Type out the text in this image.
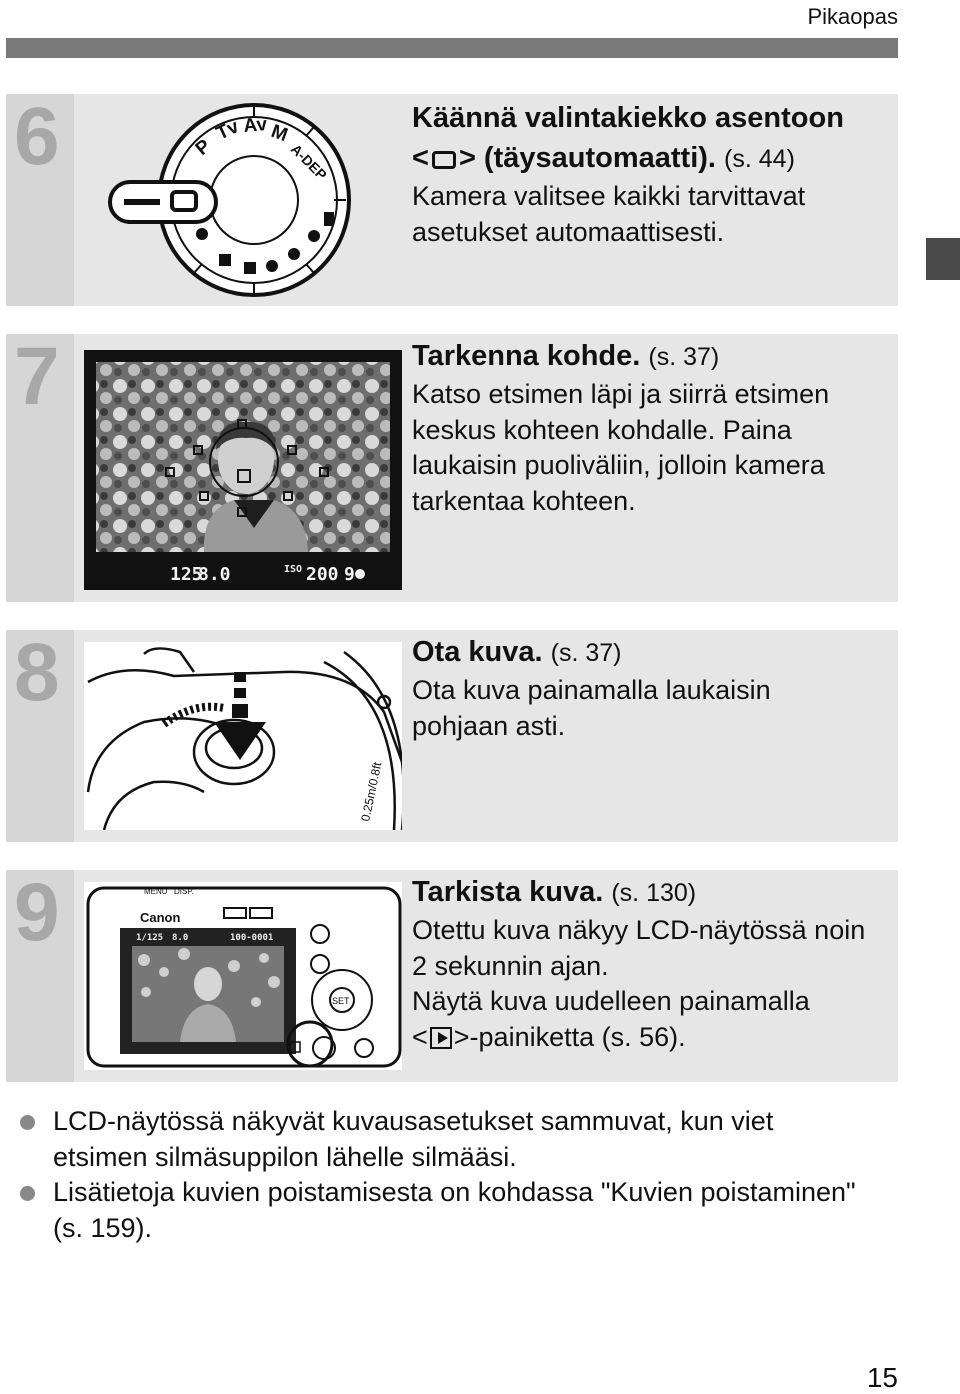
Pikaopas
6	P
Tv Av M
A-DEP
Käännä valintakiekko asentoon
< > (täysautomaatti). (s. 44)
Kamera valitsee kaikki tarvittavat
asetukset automaattisesti.
7
125
8.0	ISO 200 9
Tarkenna kohde. (s. 37)
Katso etsimen läpi ja siirrä etsimen
keskus kohteen kohdalle. Paina
laukaisin puoliväliin, jolloin kamera
tarkentaa kohteen.
8
0.25m/0.8ft
Ota kuva. (s. 37)
Ota kuva painamalla laukaisin
pohjaan asti.
9	MENU DISP.
Canon
1/125 8.0	100-0001
SET
Tarkista kuva. (s. 130)
Otettu kuva näkyy LCD-näytössä noin
2 sekunnin ajan.
Näytä kuva uudelleen painamalla
< >-painiketta (s. 56).
LCD-näytössä näkyvät kuvausasetukset sammuvat, kun viet
etsimen silmäsuppilon lähelle silmääsi.
Lisätietoja kuvien poistamisesta on kohdassa "Kuvien poistaminen"
(s. 159).
15
